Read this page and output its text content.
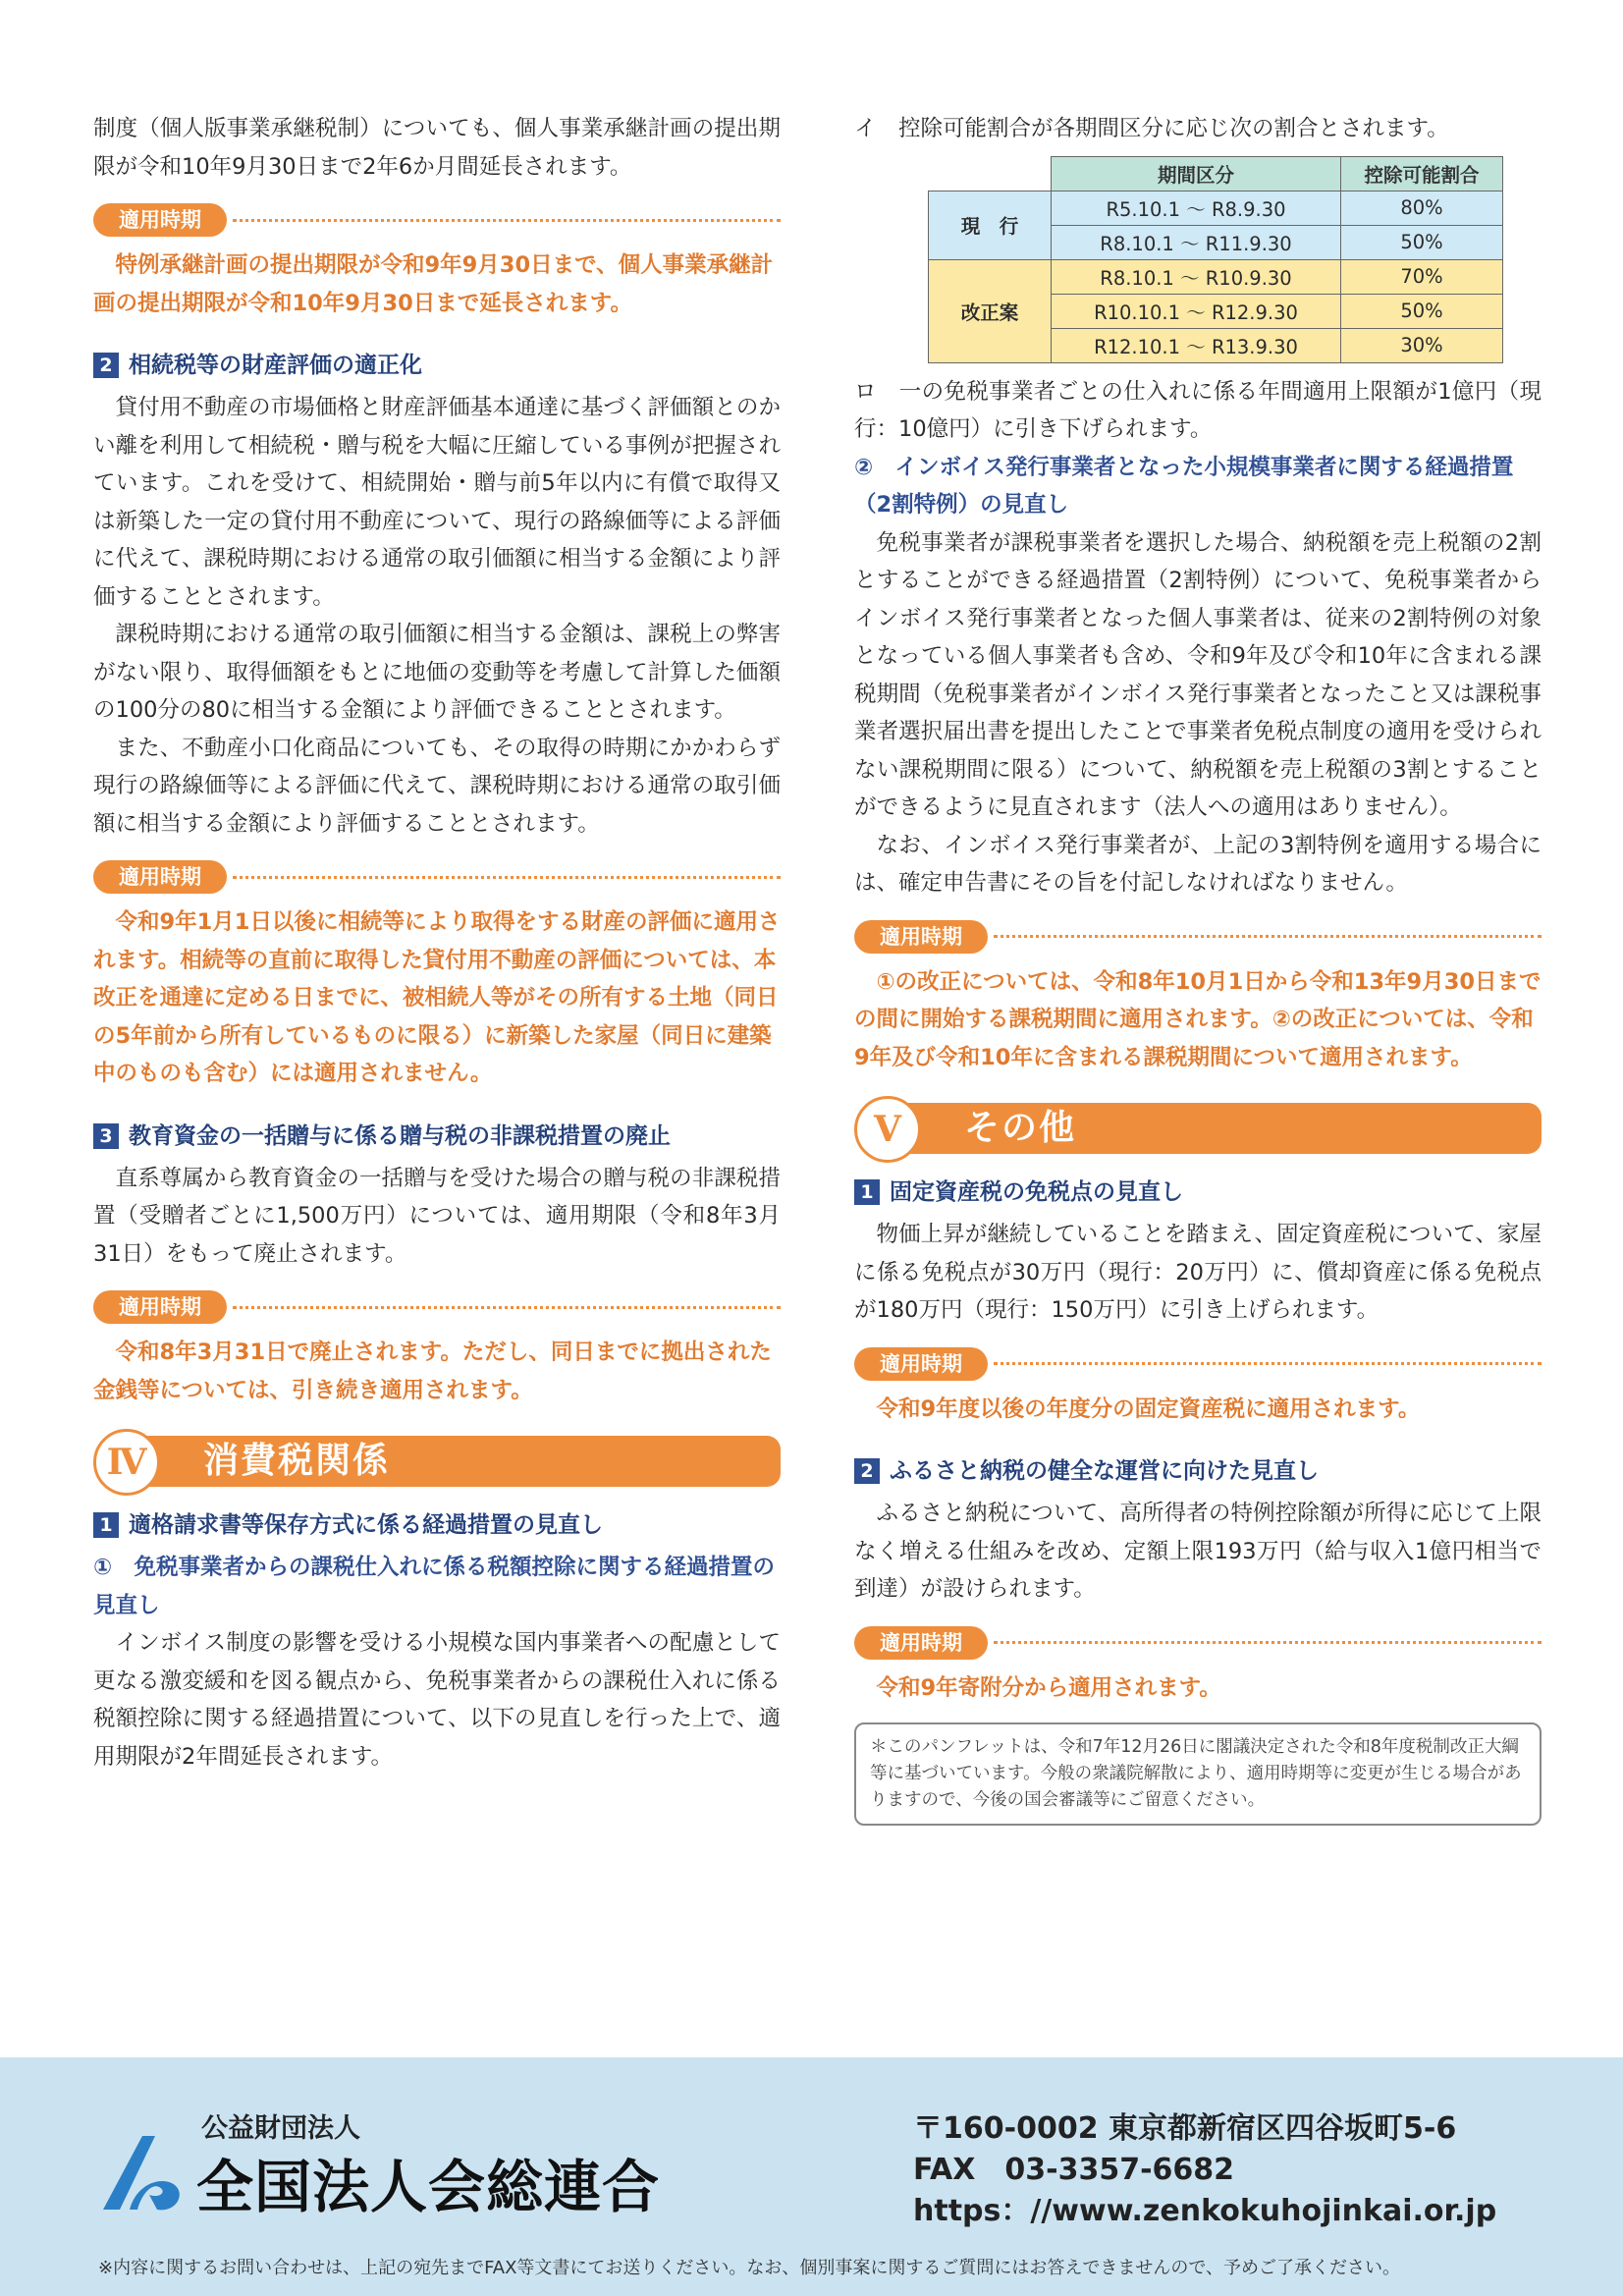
制度（個人版事業承継税制）についても、個人事業承継計画の提出期限が令和10年9月30日まで2年6か月間延長されます。

適用時期

特例承継計画の提出期限が令和9年9月30日まで、個人事業承継計画の提出期限が令和10年9月30日まで延長されます。

2 相続税等の財産評価の適正化

貸付用不動産の市場価格と財産評価基本通達に基づく評価額とのかい離を利用して相続税・贈与税を大幅に圧縮している事例が把握されています。これを受けて、相続開始・贈与前5年以内に有償で取得又は新築した一定の貸付用不動産について、現行の路線価等による評価に代えて、課税時期における通常の取引価額に相当する金額により評価することとされます。

課税時期における通常の取引価額に相当する金額は、課税上の弊害がない限り、取得価額をもとに地価の変動等を考慮して計算した価額の100分の80に相当する金額により評価できることとされます。

また、不動産小口化商品についても、その取得の時期にかかわらず現行の路線価等による評価に代えて、課税時期における通常の取引価額に相当する金額により評価することとされます。

適用時期

令和9年1月1日以後に相続等により取得をする財産の評価に適用されます。相続等の直前に取得した貸付用不動産の評価については、本改正を通達に定める日までに、被相続人等がその所有する土地（同日の5年前から所有しているものに限る）に新築した家屋（同日に建築中のものも含む）には適用されません。

3 教育資金の一括贈与に係る贈与税の非課税措置の廃止

直系尊属から教育資金の一括贈与を受けた場合の贈与税の非課税措置（受贈者ごとに1,500万円）については、適用期限（令和8年3月31日）をもって廃止されます。

適用時期

令和8年3月31日で廃止されます。ただし、同日までに拠出された金銭等については、引き続き適用されます。

Ⅳ	消費税関係
1 適格請求書等保存方式に係る経過措置の見直し

①　免税事業者からの課税仕入れに係る税額控除に関する経過措置の見直し

インボイス制度の影響を受ける小規模な国内事業者への配慮として更なる激変緩和を図る観点から、免税事業者からの課税仕入れに係る税額控除に関する経過措置について、以下の見直しを行った上で、適用期限が2年間延長されます。

イ　控除可能割合が各期間区分に応じ次の割合とされます。

	期間区分	控除可能割合
現　行	R5.10.1 ～ R8.9.30	80%
	R8.10.1 ～ R11.9.30	50%
改正案	R8.10.1 ～ R10.9.30	70%
	R10.10.1 ～ R12.9.30	50%
	R12.10.1 ～ R13.9.30	30%

ロ　一の免税事業者ごとの仕入れに係る年間適用上限額が1億円（現行：10億円）に引き下げられます。

②　インボイス発行事業者となった小規模事業者に関する経過措置（2割特例）の見直し

免税事業者が課税事業者を選択した場合、納税額を売上税額の2割とすることができる経過措置（2割特例）について、免税事業者からインボイス発行事業者となった個人事業者は、従来の2割特例の対象となっている個人事業者も含め、令和9年及び令和10年に含まれる課税期間（免税事業者がインボイス発行事業者となったこと又は課税事業者選択届出書を提出したことで事業者免税点制度の適用を受けられない課税期間に限る）について、納税額を売上税額の3割とすることができるように見直されます（法人への適用はありません）。

なお、インボイス発行事業者が、上記の3割特例を適用する場合には、確定申告書にその旨を付記しなければなりません。

適用時期

①の改正については、令和8年10月1日から令和13年9月30日までの間に開始する課税期間に適用されます。②の改正については、令和9年及び令和10年に含まれる課税期間について適用されます。

Ⅴ	その他
1 固定資産税の免税点の見直し

物価上昇が継続していることを踏まえ、固定資産税について、家屋に係る免税点が30万円（現行：20万円）に、償却資産に係る免税点が180万円（現行：150万円）に引き上げられます。

適用時期

令和9年度以後の年度分の固定資産税に適用されます。

2 ふるさと納税の健全な運営に向けた見直し

ふるさと納税について、高所得者の特例控除額が所得に応じて上限なく増える仕組みを改め、定額上限193万円（給与収入1億円相当で到達）が設けられます。

適用時期

令和9年寄附分から適用されます。

＊このパンフレットは、令和7年12月26日に閣議決定された令和8年度税制改正大綱等に基づいています。今般の衆議院解散により、適用時期等に変更が生じる場合がありますので、今後の国会審議等にご留意ください。
公益財団法人
全国法人会総連合
〒160-0002 東京都新宿区四谷坂町5-6
FAX　03-3357-6682
https：//www.zenkokuhojinkai.or.jp
※内容に関するお問い合わせは、上記の宛先までFAX等文書にてお送りください。なお、個別事案に関するご質問にはお答えできませんので、予めご了承ください。
